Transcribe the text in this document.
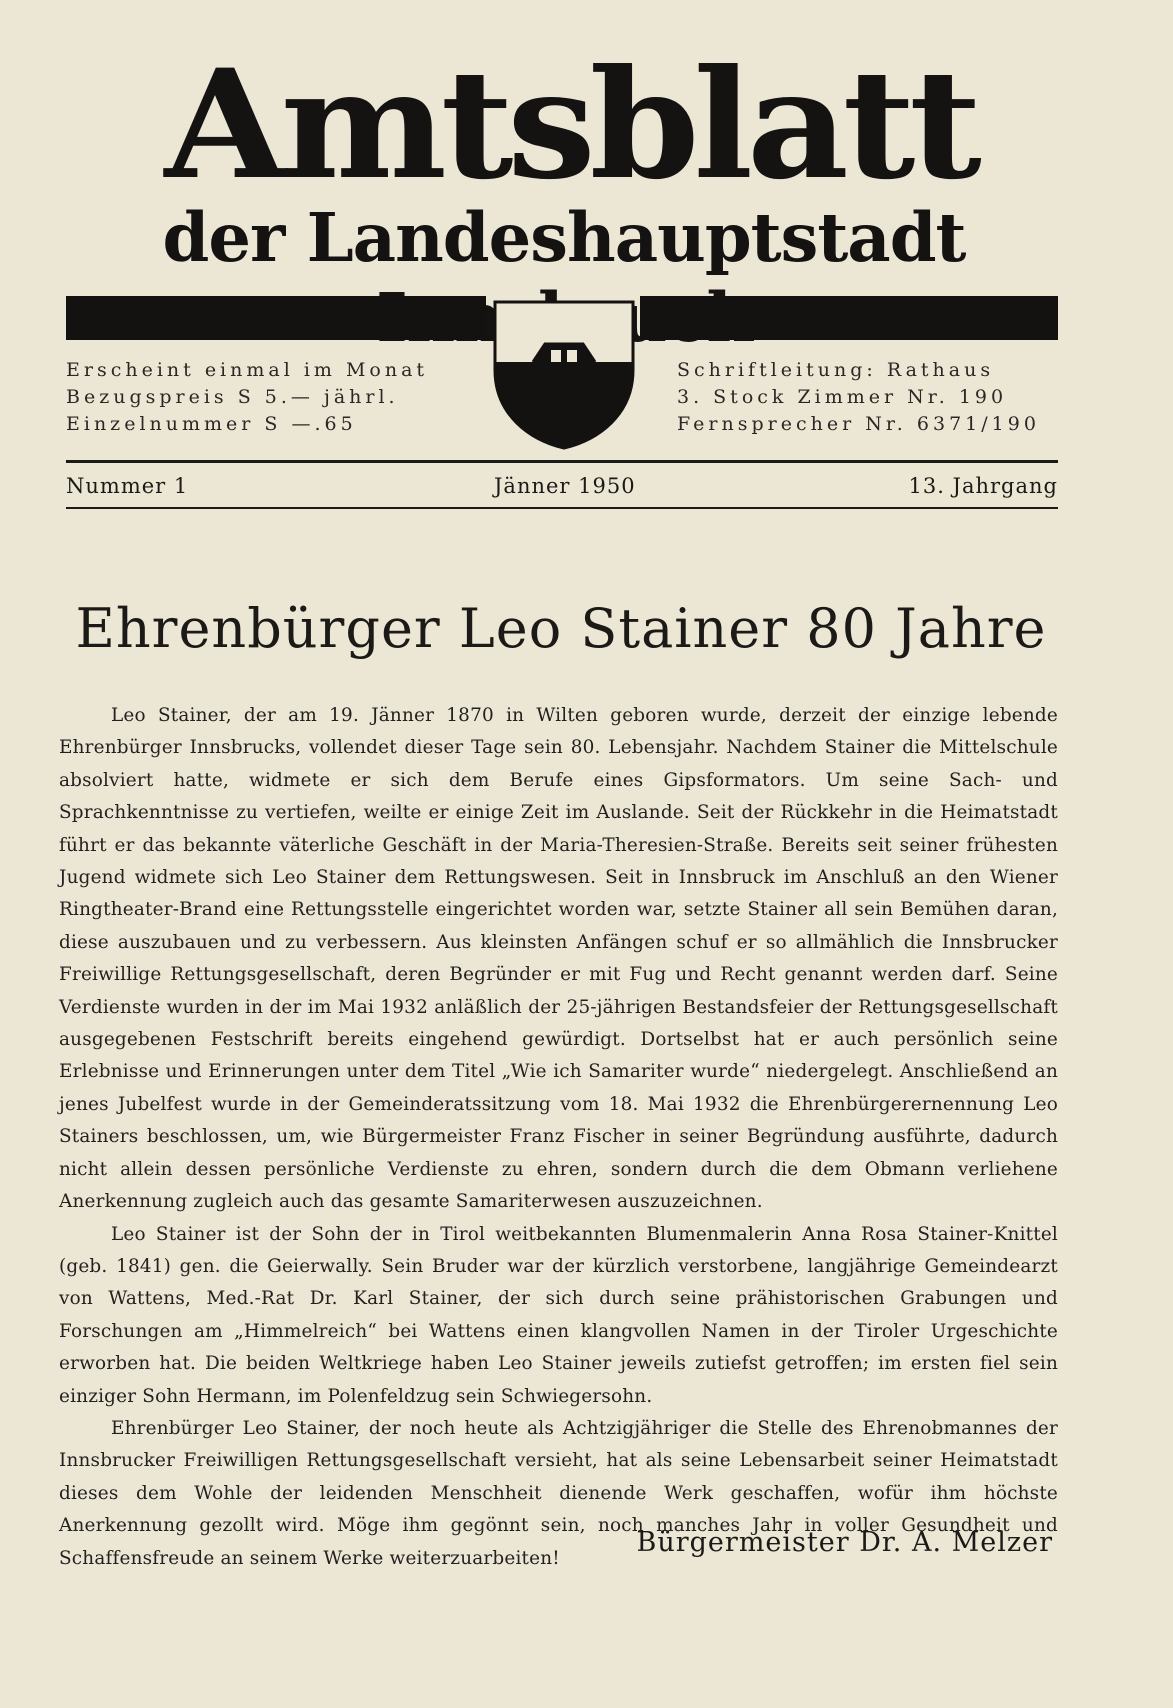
Amtsblatt
der Landeshauptstadt
Erscheint einmal im Monat
Bezugspreis S 5.— jährl.
Einzelnummer S —.65
Schriftleitung: Rathaus
3. Stock Zimmer Nr. 190
Fernsprecher Nr. 6371/190
Nummer 1	Jänner 1950	13. Jahrgang
Ehrenbürger Leo Stainer 80 Jahre

Leo Stainer, der am 19. Jänner 1870 in Wilten geboren wurde, derzeit der einzige lebende Ehrenbürger Innsbrucks, vollendet dieser Tage sein 80. Lebensjahr. Nachdem Stainer die Mittelschule absolviert hatte, widmete er sich dem Berufe eines Gipsformators. Um seine Sach- und Sprachkenntnisse zu vertiefen, weilte er einige Zeit im Auslande. Seit der Rückkehr in die Heimatstadt führt er das bekannte väterliche Geschäft in der Maria-Theresien-Straße. Bereits seit seiner frühesten Jugend widmete sich Leo Stainer dem Rettungswesen. Seit in Innsbruck im Anschluß an den Wiener Ringtheater-Brand eine Rettungsstelle eingerichtet worden war, setzte Stainer all sein Bemühen daran, diese auszubauen und zu verbessern. Aus kleinsten Anfängen schuf er so allmählich die Innsbrucker Freiwillige Rettungsgesellschaft, deren Begründer er mit Fug und Recht genannt werden darf. Seine Verdienste wurden in der im Mai 1932 anläßlich der 25-jährigen Bestandsfeier der Rettungsgesellschaft ausgegebenen Festschrift bereits eingehend gewürdigt. Dortselbst hat er auch persönlich seine Erlebnisse und Erinnerungen unter dem Titel „Wie ich Samariter wurde“ niedergelegt. Anschließend an jenes Jubelfest wurde in der Gemeinderatssitzung vom 18. Mai 1932 die Ehrenbürgerernennung Leo Stainers beschlossen, um, wie Bürgermeister Franz Fischer in seiner Begründung ausführte, dadurch nicht allein dessen persönliche Verdienste zu ehren, sondern durch die dem Obmann verliehene Anerkennung zugleich auch das gesamte Samariterwesen auszuzeichnen.

Leo Stainer ist der Sohn der in Tirol weitbekannten Blumenmalerin Anna Rosa Stainer-Knittel (geb. 1841) gen. die Geierwally. Sein Bruder war der kürzlich verstorbene, langjährige Gemeindearzt von Wattens, Med.-Rat Dr. Karl Stainer, der sich durch seine prähistorischen Grabungen und Forschungen am „Himmelreich“ bei Wattens einen klangvollen Namen in der Tiroler Urgeschichte erworben hat. Die beiden Weltkriege haben Leo Stainer jeweils zutiefst getroffen; im ersten fiel sein einziger Sohn Hermann, im Polenfeldzug sein Schwiegersohn.

Ehrenbürger Leo Stainer, der noch heute als Achtzigjähriger die Stelle des Ehrenobmannes der Innsbrucker Freiwilligen Rettungsgesellschaft versieht, hat als seine Lebensarbeit seiner Heimatstadt dieses dem Wohle der leidenden Menschheit dienende Werk geschaffen, wofür ihm höchste Anerkennung gezollt wird. Möge ihm gegönnt sein, noch manches Jahr in voller Gesundheit und Schaffensfreude an seinem Werke weiterzuarbeiten!

Bürgermeister Dr. A. Melzer
